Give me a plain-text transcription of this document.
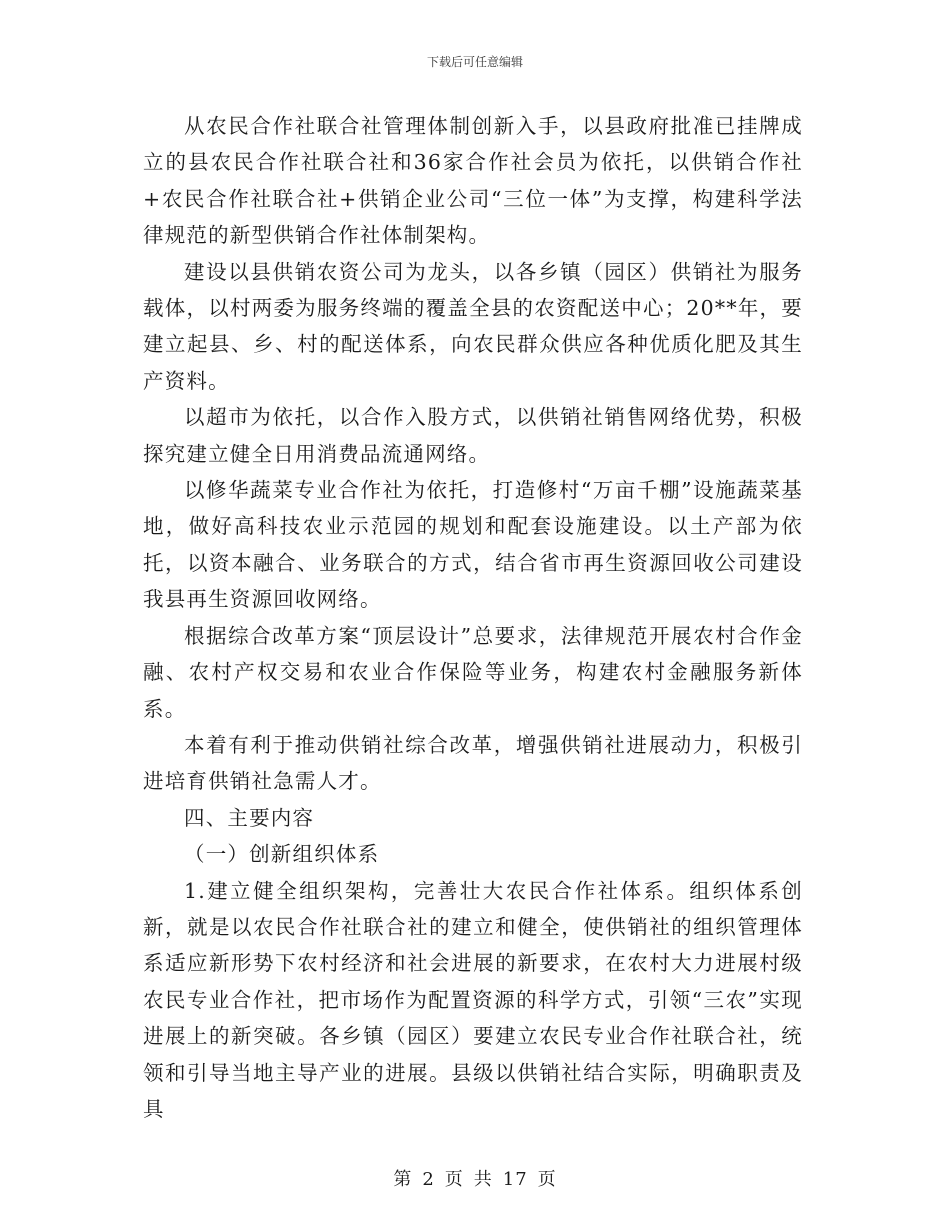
下载后可任意编辑

从农民合作社联合社管理体制创新入手，以县政府批准已挂牌成立的县农民合作社联合社和36家合作社会员为依托，以供销合作社+农民合作社联合社+供销企业公司“三位一体”为支撑，构建科学法律规范的新型供销合作社体制架构。

建设以县供销农资公司为龙头，以各乡镇（园区）供销社为服务载体，以村两委为服务终端的覆盖全县的农资配送中心；20**年，要建立起县、乡、村的配送体系，向农民群众供应各种优质化肥及其生产资料。

以超市为依托，以合作入股方式，以供销社销售网络优势，积极探究建立健全日用消费品流通网络。

以修华蔬菜专业合作社为依托，打造修村“万亩千棚”设施蔬菜基地，做好高科技农业示范园的规划和配套设施建设。以土产部为依托，以资本融合、业务联合的方式，结合省市再生资源回收公司建设我县再生资源回收网络。

根据综合改革方案“顶层设计”总要求，法律规范开展农村合作金融、农村产权交易和农业合作保险等业务，构建农村金融服务新体系。

本着有利于推动供销社综合改革，增强供销社进展动力，积极引进培育供销社急需人才。

四、主要内容

（一）创新组织体系

1.建立健全组织架构，完善壮大农民合作社体系。组织体系创新，就是以农民合作社联合社的建立和健全，使供销社的组织管理体系适应新形势下农村经济和社会进展的新要求，在农村大力进展村级农民专业合作社，把市场作为配置资源的科学方式，引领“三农”实现进展上的新突破。各乡镇（园区）要建立农民专业合作社联合社，统领和引导当地主导产业的进展。县级以供销社结合实际，明确职责及具

第 2 页 共 17 页
